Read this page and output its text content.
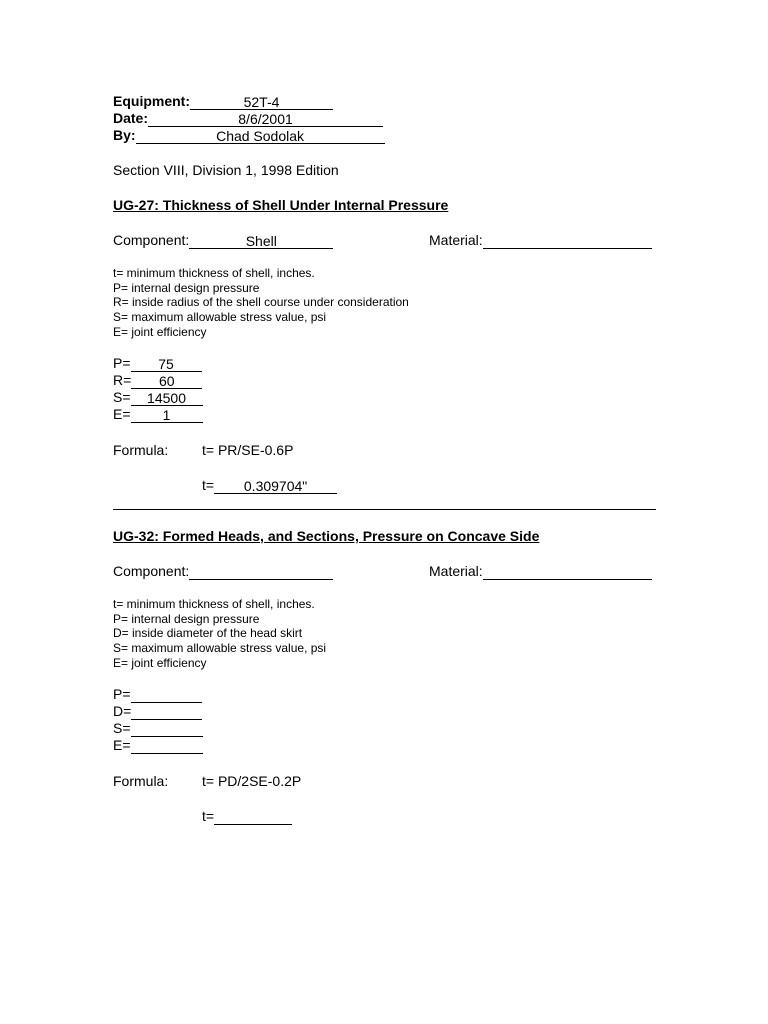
Equipment:	52T-4
Date:	8/6/2001
By:	Chad Sodolak
Section VIII, Division 1, 1998 Edition
UG-27: Thickness of Shell Under Internal Pressure
Component:	Shell	Material:
t= minimum thickness of shell, inches.
P= internal design pressure
R= inside radius of the shell course under consideration
S= maximum allowable stress value, psi
E= joint efficiency
P=	75
R=	60
S=	14500
E=	1
Formula: t= PR/SE-0.6P
t=	0.309704"
UG-32: Formed Heads, and Sections, Pressure on Concave Side
Component:	Material:
t= minimum thickness of shell, inches.
P= internal design pressure
D= inside diameter of the head skirt
S= maximum allowable stress value, psi
E= joint efficiency
P=
D=
S=
E=
Formula: t= PD/2SE-0.2P
t=
